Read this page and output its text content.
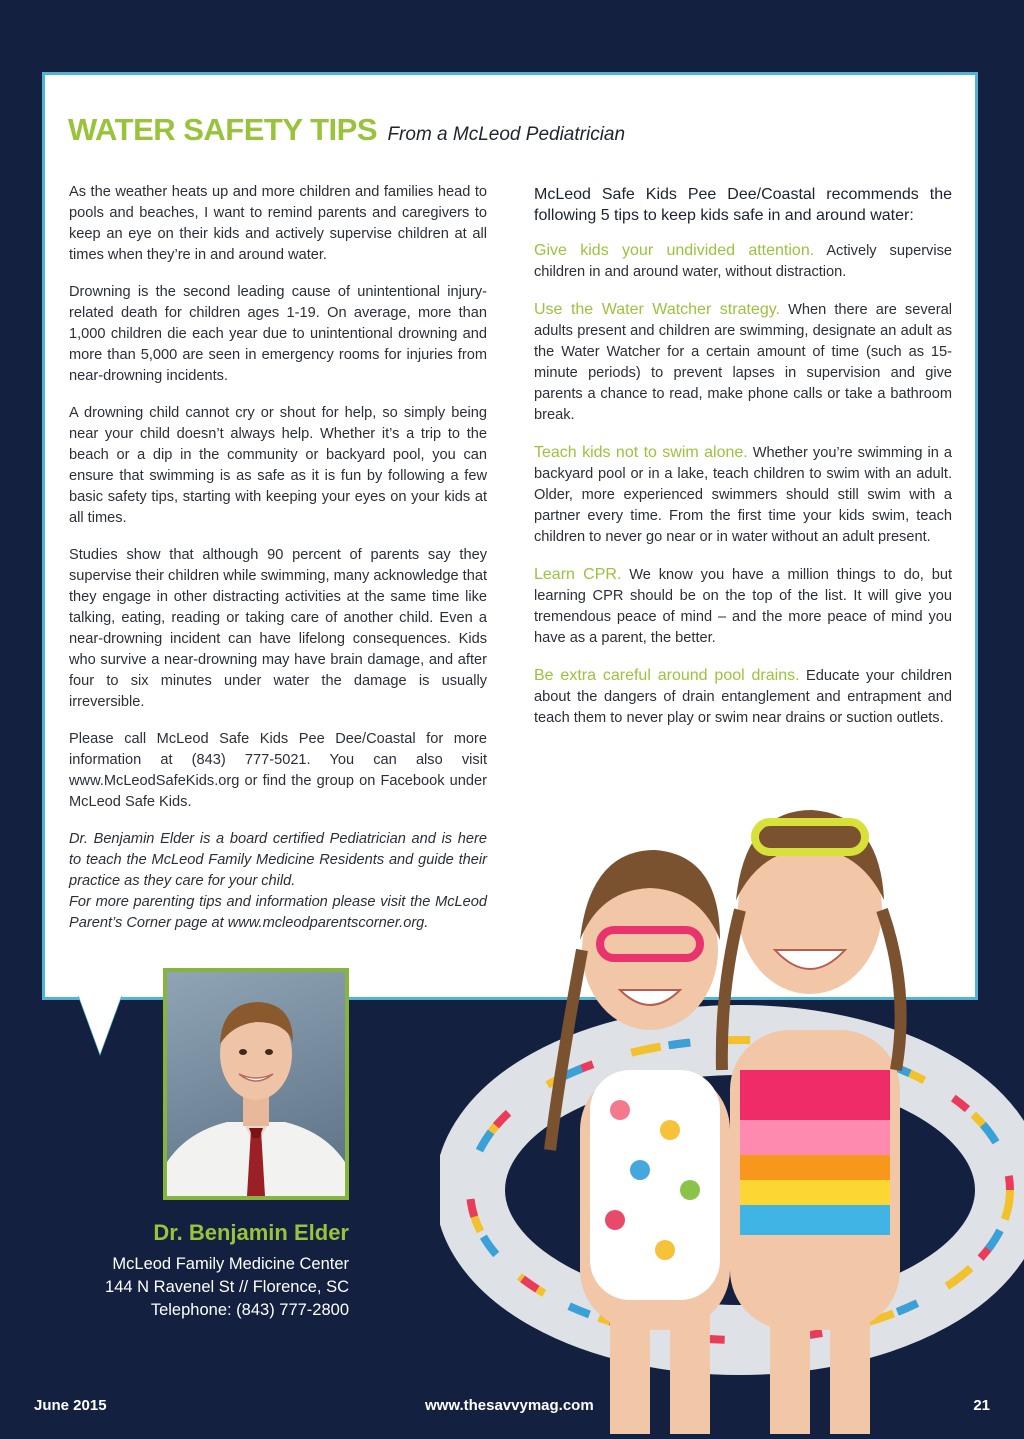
WATER SAFETY TIPS From a McLeod Pediatrician

As the weather heats up and more children and families head to pools and beaches, I want to remind parents and caregivers to keep an eye on their kids and actively supervise children at all times when they’re in and around water.

Drowning is the second leading cause of unintentional injury-related death for children ages 1-19. On average, more than 1,000 children die each year due to unintentional drowning and more than 5,000 are seen in emergency rooms for injuries from near-drowning incidents.

A drowning child cannot cry or shout for help, so simply being near your child doesn’t always help. Whether it’s a trip to the beach or a dip in the community or backyard pool, you can ensure that swimming is as safe as it is fun by following a few basic safety tips, starting with keeping your eyes on your kids at all times.

Studies show that although 90 percent of parents say they supervise their children while swimming, many acknowledge that they engage in other distracting activities at the same time like talking, eating, reading or taking care of another child. Even a near-drowning incident can have lifelong consequences. Kids who survive a near-drowning may have brain damage, and after four to six minutes under water the damage is usually irreversible.

Please call McLeod Safe Kids Pee Dee/Coastal for more information at (843) 777-5021. You can also visit www.McLeodSafeKids.org or find the group on Facebook under McLeod Safe Kids.

Dr. Benjamin Elder is a board certified Pediatrician and is here to teach the McLeod Family Medicine Residents and guide their practice as they care for your child.

For more parenting tips and information please visit the McLeod Parent’s Corner page at www.mcleodparentscorner.org.

McLeod Safe Kids Pee Dee/Coastal recommends the following 5 tips to keep kids safe in and around water:

Give kids your undivided attention. Actively supervise children in and around water, without distraction.

Use the Water Watcher strategy. When there are several adults present and children are swimming, designate an adult as the Water Watcher for a certain amount of time (such as 15-minute periods) to prevent lapses in supervision and give parents a chance to read, make phone calls or take a bathroom break.

Teach kids not to swim alone. Whether you’re swimming in a backyard pool or in a lake, teach children to swim with an adult. Older, more experienced swimmers should still swim with a partner every time. From the first time your kids swim, teach children to never go near or in water without an adult present.

Learn CPR. We know you have a million things to do, but learning CPR should be on the top of the list. It will give you tremendous peace of mind – and the more peace of mind you have as a parent, the better.

Be extra careful around pool drains. Educate your children about the dangers of drain entanglement and entrapment and teach them to never play or swim near drains or suction outlets.

Dr. Benjamin Elder
McLeod Family Medicine Center
144 N Ravenel St // Florence, SC
Telephone: (843) 777-2800
June 2015	www.thesavvymag.com	21
